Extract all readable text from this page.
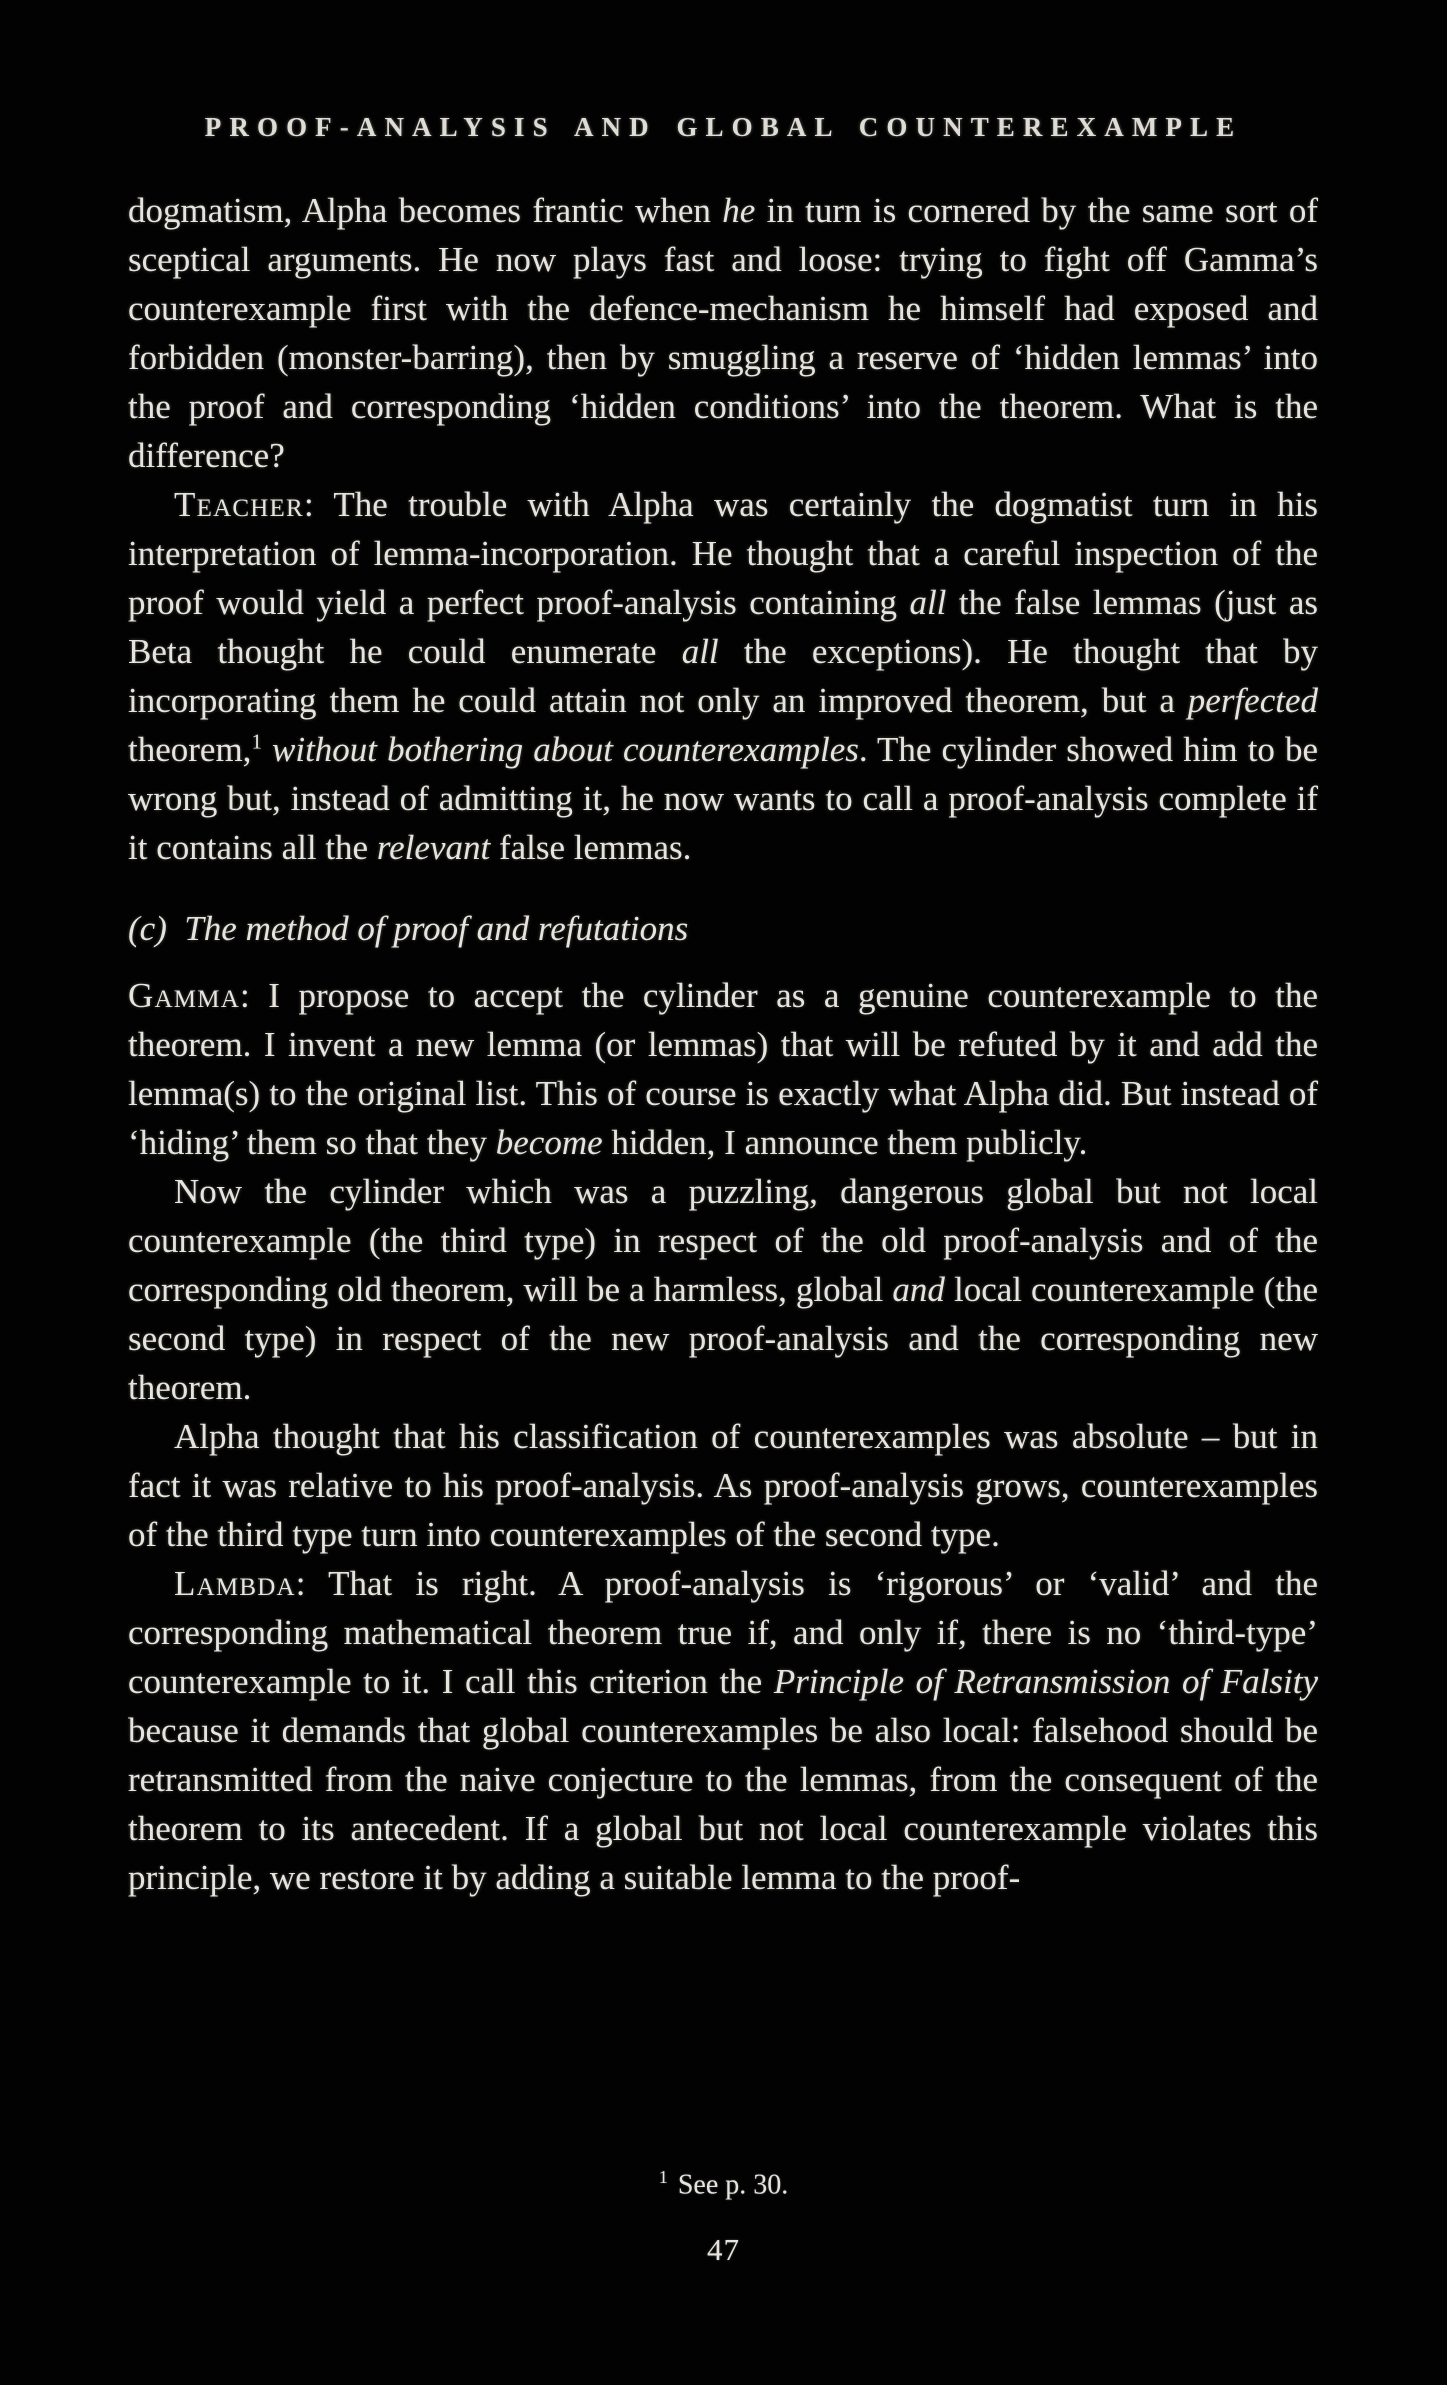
PROOF-ANALYSIS AND GLOBAL COUNTEREXAMPLE

dogmatism, Alpha becomes frantic when he in turn is cornered by the same sort of sceptical arguments. He now plays fast and loose: trying to fight off Gamma’s counterexample first with the defence-mechanism he himself had exposed and forbidden (monster-barring), then by smuggling a reserve of ‘hidden lemmas’ into the proof and corresponding ‘hidden conditions’ into the theorem. What is the difference?

Teacher: The trouble with Alpha was certainly the dogmatist turn in his interpretation of lemma-incorporation. He thought that a careful inspection of the proof would yield a perfect proof-analysis containing all the false lemmas (just as Beta thought he could enumerate all the exceptions). He thought that by incorporating them he could attain not only an improved theorem, but a perfected theorem,$^1$ without bothering about counterexamples. The cylinder showed him to be wrong but, instead of admitting it, he now wants to call a proof-analysis complete if it contains all the relevant false lemmas.

(c) The method of proof and refutations

Gamma: I propose to accept the cylinder as a genuine counterexample to the theorem. I invent a new lemma (or lemmas) that will be refuted by it and add the lemma(s) to the original list. This of course is exactly what Alpha did. But instead of ‘hiding’ them so that they become hidden, I announce them publicly.

Now the cylinder which was a puzzling, dangerous global but not local counterexample (the third type) in respect of the old proof-analysis and of the corresponding old theorem, will be a harmless, global and local counterexample (the second type) in respect of the new proof-analysis and the corresponding new theorem.

Alpha thought that his classification of counterexamples was absolute – but in fact it was relative to his proof-analysis. As proof-analysis grows, counterexamples of the third type turn into counterexamples of the second type.

Lambda: That is right. A proof-analysis is ‘rigorous’ or ‘valid’ and the corresponding mathematical theorem true if, and only if, there is no ‘third-type’ counterexample to it. I call this criterion the Principle of Retransmission of Falsity because it demands that global counterexamples be also local: falsehood should be retransmitted from the naive conjecture to the lemmas, from the consequent of the theorem to its antecedent. If a global but not local counterexample violates this principle, we restore it by adding a suitable lemma to the proof-

$^1$ See p. 30.
47
